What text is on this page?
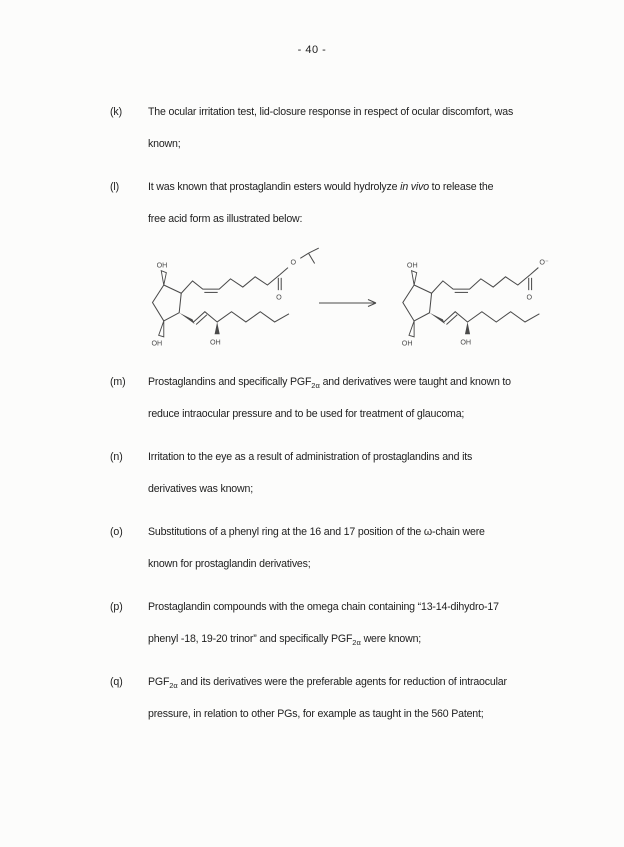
- 40 -
(k)	The ocular irritation test, lid-closure response in respect of ocular discomfort, was
known;
(l)	It was known that prostaglandin esters would hydrolyze in vivo to release the
free acid form as illustrated below:
OH
OH	OH
O
O	OH
OH	OH
O
O⁻
(m)	Prostaglandins and specifically $PGF_{2\alpha}$ and derivatives were taught and known to
reduce intraocular pressure and to be used for treatment of glaucoma;
(n)	Irritation to the eye as a result of administration of prostaglandins and its
derivatives was known;
(o)	Substitutions of a phenyl ring at the 16 and 17 position of the ω-chain were
known for prostaglandin derivatives;
(p)	Prostaglandin compounds with the omega chain containing “13-14-dihydro-17
phenyl -18, 19-20 trinor” and specifically $PGF_{2\alpha}$ were known;
(q)	$PGF_{2\alpha}$ and its derivatives were the preferable agents for reduction of intraocular
pressure, in relation to other PGs, for example as taught in the 560 Patent;
